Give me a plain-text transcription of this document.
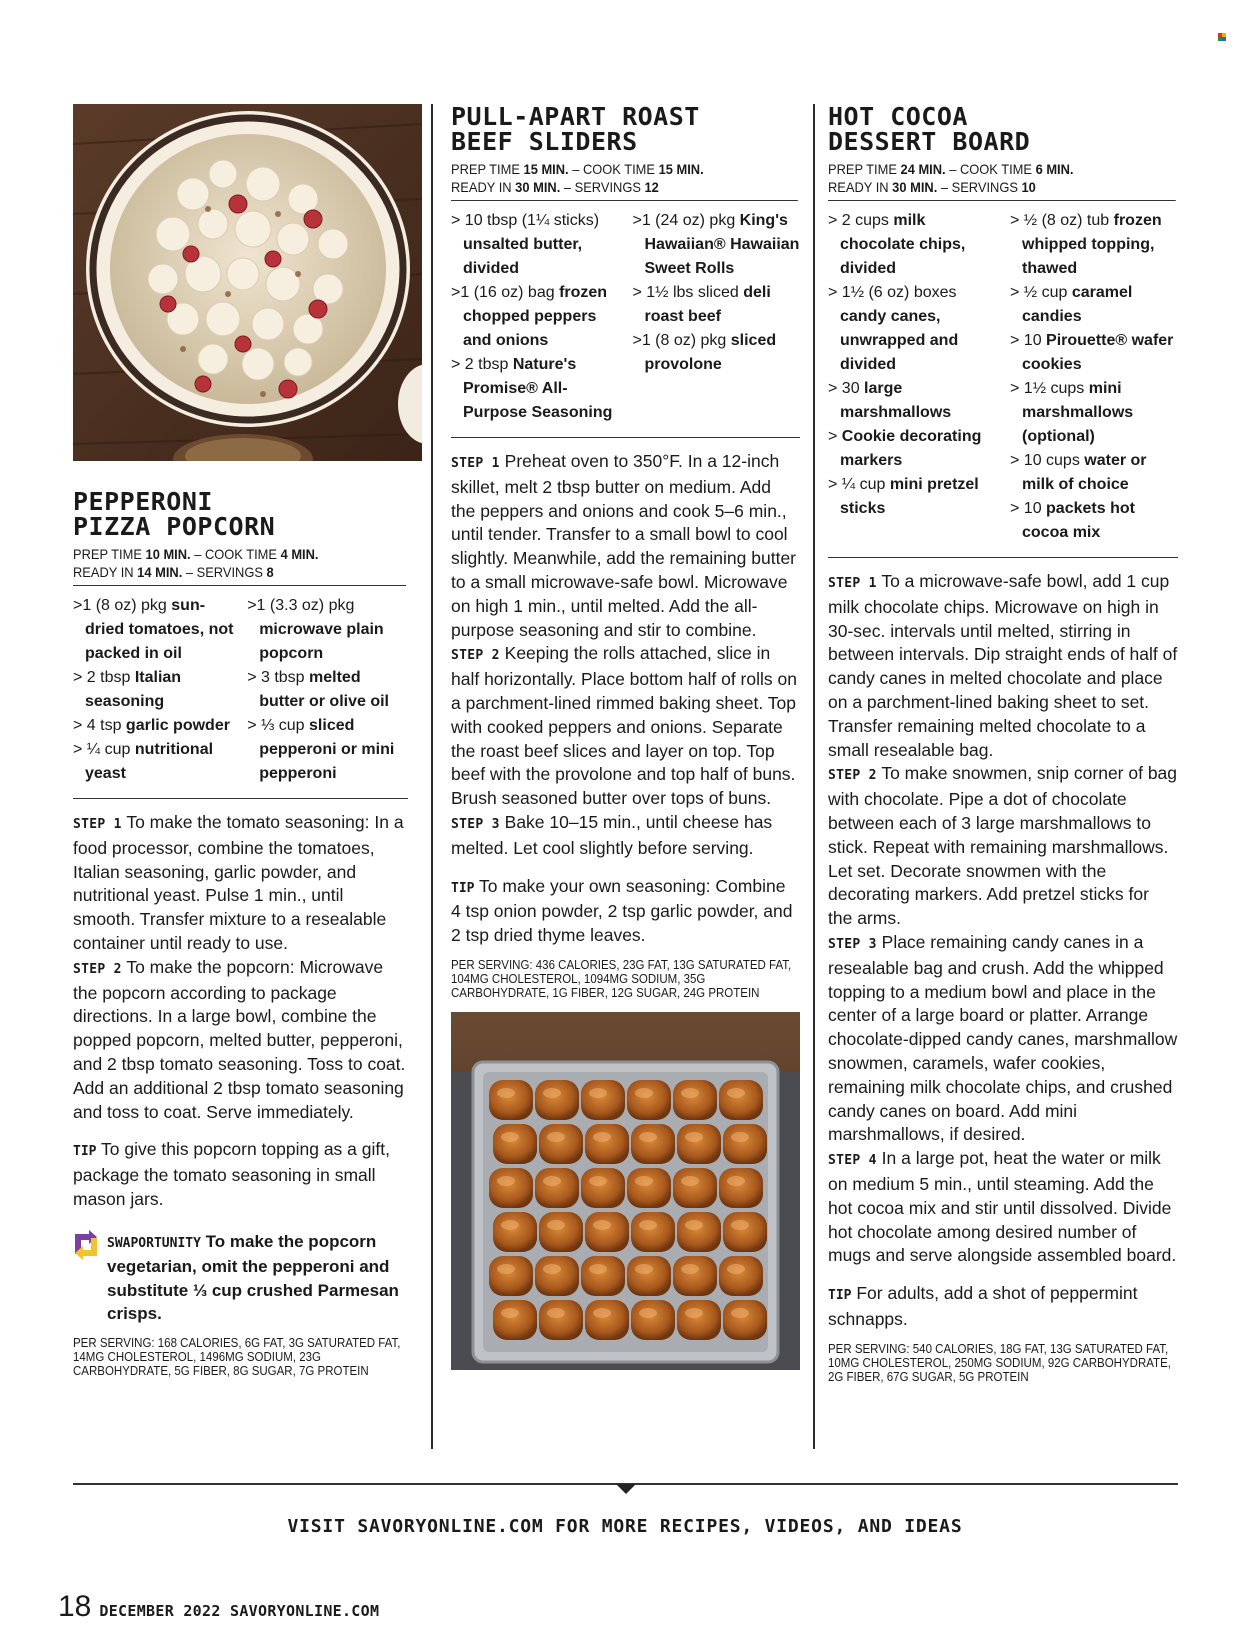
PEPPERONI
PIZZA POPCORN
PREP TIME 10 MIN. – COOK TIME 4 MIN.
READY IN 14 MIN. – SERVINGS 8

>1 (8 oz) pkg sun-dried tomatoes, not packed in oil

> 2 tbsp Italian seasoning

> 4 tsp garlic powder

> ¼ cup nutritional yeast

>1 (3.3 oz) pkg microwave plain popcorn

> 3 tbsp melted butter or olive oil

> ⅓ cup sliced pepperoni or mini pepperoni

STEP 1 To make the tomato seasoning: In a food processor, combine the tomatoes, Italian seasoning, garlic powder, and nutritional yeast. Pulse 1 min., until smooth. Transfer mixture to a resealable container until ready to use.

STEP 2 To make the popcorn: Microwave the popcorn according to package directions. In a large bowl, combine the popped popcorn, melted butter, pepperoni, and 2 tbsp tomato seasoning. Toss to coat. Add an additional 2 tbsp tomato seasoning and toss to coat. Serve immediately.

TIP To give this popcorn topping as a gift, package the tomato seasoning in small mason jars.

SWAPORTUNITY To make the popcorn vegetarian, omit the pepperoni and substitute ⅓ cup crushed Parmesan crisps.
PER SERVING: 168 CALORIES, 6G FAT, 3G SATURATED FAT, 14MG CHOLESTEROL, 1496MG SODIUM, 23G CARBOHYDRATE, 5G FIBER, 8G SUGAR, 7G PROTEIN
PULL-APART ROAST
BEEF SLIDERS
PREP TIME 15 MIN. – COOK TIME 15 MIN.
READY IN 30 MIN. – SERVINGS 12

> 10 tbsp (1¼ sticks) unsalted butter, divided

>1 (16 oz) bag frozen chopped peppers and onions

> 2 tbsp Nature's Promise® All-Purpose Seasoning

>1 (24 oz) pkg King's Hawaiian® Hawaiian Sweet Rolls

> 1½ lbs sliced deli roast beef

>1 (8 oz) pkg sliced provolone

STEP 1 Preheat oven to 350°F. In a 12-inch skillet, melt 2 tbsp butter on medium. Add the peppers and onions and cook 5–6 min., until tender. Transfer to a small bowl to cool slightly. Meanwhile, add the remaining butter to a small microwave-safe bowl. Microwave on high 1 min., until melted. Add the all-purpose seasoning and stir to combine.

STEP 2 Keeping the rolls attached, slice in half horizontally. Place bottom half of rolls on a parchment-lined rimmed baking sheet. Top with cooked peppers and onions. Separate the roast beef slices and layer on top. Top beef with the provolone and top half of buns. Brush seasoned butter over tops of buns.

STEP 3 Bake 10–15 min., until cheese has melted. Let cool slightly before serving.

TIP To make your own seasoning: Combine 4 tsp onion powder, 2 tsp garlic powder, and 2 tsp dried thyme leaves.

PER SERVING: 436 CALORIES, 23G FAT, 13G SATURATED FAT, 104MG CHOLESTEROL, 1094MG SODIUM, 35G CARBOHYDRATE, 1G FIBER, 12G SUGAR, 24G PROTEIN
HOT COCOA
DESSERT BOARD
PREP TIME 24 MIN. – COOK TIME 6 MIN.
READY IN 30 MIN. – SERVINGS 10

> 2 cups milk chocolate chips, divided

> 1½ (6 oz) boxes candy canes, unwrapped and divided

> 30 large marshmallows

> Cookie decorating markers

> ¼ cup mini pretzel sticks

> ½ (8 oz) tub frozen whipped topping, thawed

> ½ cup caramel candies

> 10 Pirouette® wafer cookies

> 1½ cups mini marshmallows (optional)

> 10 cups water or milk of choice

> 10 packets hot cocoa mix

STEP 1 To a microwave-safe bowl, add 1 cup milk chocolate chips. Microwave on high in 30-sec. intervals until melted, stirring in between intervals. Dip straight ends of half of candy canes in melted chocolate and place on a parchment-lined baking sheet to set. Transfer remaining melted chocolate to a small resealable bag.

STEP 2 To make snowmen, snip corner of bag with chocolate. Pipe a dot of chocolate between each of 3 large marshmallows to stick. Repeat with remaining marshmallows. Let set. Decorate snowmen with the decorating markers. Add pretzel sticks for the arms.

STEP 3 Place remaining candy canes in a resealable bag and crush. Add the whipped topping to a medium bowl and place in the center of a large board or platter. Arrange chocolate-dipped candy canes, marshmallow snowmen, caramels, wafer cookies, remaining milk chocolate chips, and crushed candy canes on board. Add mini marshmallows, if desired.

STEP 4 In a large pot, heat the water or milk on medium 5 min., until steaming. Add the hot cocoa mix and stir until dissolved. Divide hot chocolate among desired number of mugs and serve alongside assembled board.

TIP For adults, add a shot of peppermint schnapps.

PER SERVING: 540 CALORIES, 18G FAT, 13G SATURATED FAT, 10MG CHOLESTEROL, 250MG SODIUM, 92G CARBOHYDRATE, 2G FIBER, 67G SUGAR, 5G PROTEIN
VISIT SAVORYONLINE.COM FOR MORE RECIPES, VIDEOS, AND IDEAS
18 DECEMBER 2022 SAVORYONLINE.COM
